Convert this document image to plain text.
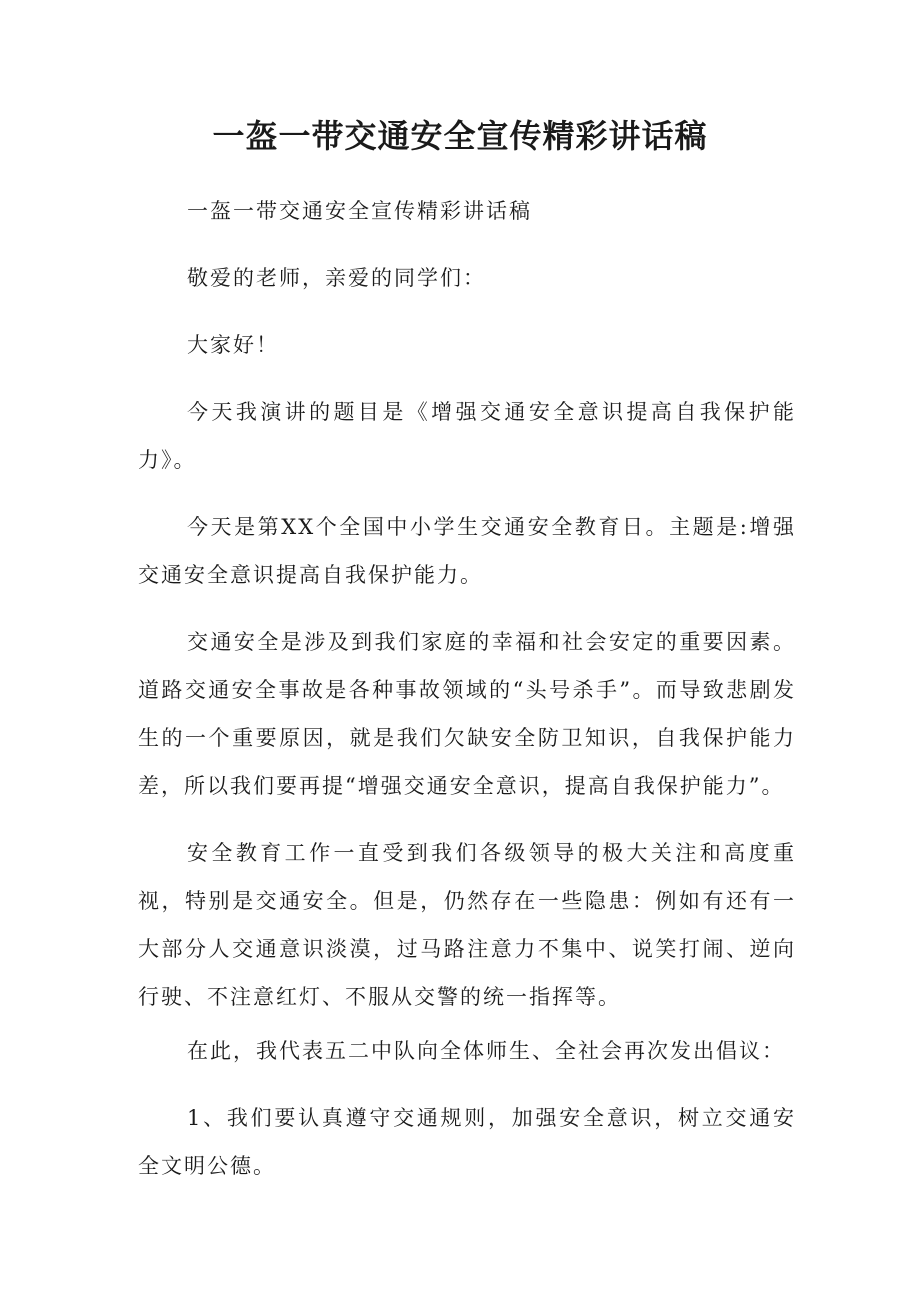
一盔一带交通安全宣传精彩讲话稿

一盔一带交通安全宣传精彩讲话稿

敬爱的老师，亲爱的同学们：

大家好！

今天我演讲的题目是《增强交通安全意识提高自我保护能力》。

今天是第XX个全国中小学生交通安全教育日。主题是:增强交通安全意识提高自我保护能力。

交通安全是涉及到我们家庭的幸福和社会安定的重要因素。道路交通安全事故是各种事故领域的“头号杀手”。而导致悲剧发生的一个重要原因，就是我们欠缺安全防卫知识，自我保护能力差，所以我们要再提“增强交通安全意识，提高自我保护能力”。

安全教育工作一直受到我们各级领导的极大关注和高度重视，特别是交通安全。但是，仍然存在一些隐患：例如有还有一大部分人交通意识淡漠，过马路注意力不集中、说笑打闹、逆向行驶、不注意红灯、不服从交警的统一指挥等。

在此，我代表五二中队向全体师生、全社会再次发出倡议：

1、我们要认真遵守交通规则，加强安全意识，树立交通安全文明公德。
